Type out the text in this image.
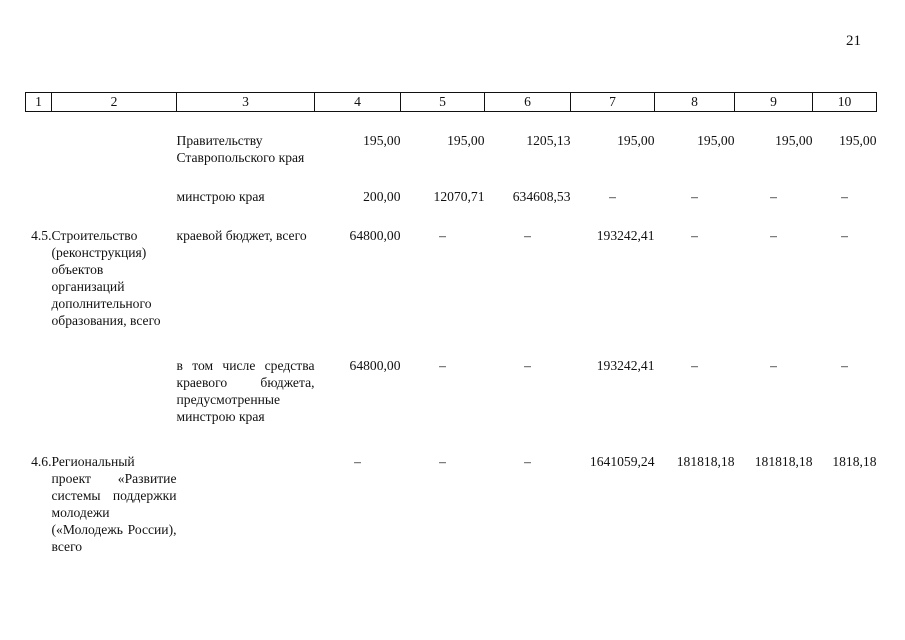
21
1	2	3	4	5	6	7	8	9	10
		Правительству Ставропольского края	195,00	195,00	1205,13	195,00	195,00	195,00	195,00
		минстрою края	200,00	12070,71	634608,53	–	–	–	–
4.5.	Строительство (реконструкция) объектов организаций дополнительного образования, всего	краевой бюджет, всего	64800,00	–	–	193242,41	–	–	–
		в том числе средства краевого бюджета, предусмотренные минстрою края	64800,00	–	–	193242,41	–	–	–
4.6.	Региональный проект «Развитие системы поддержки молодежи («Молодежь России), всего		–	–	–	1641059,24	181818,18	181818,18	1818,18
